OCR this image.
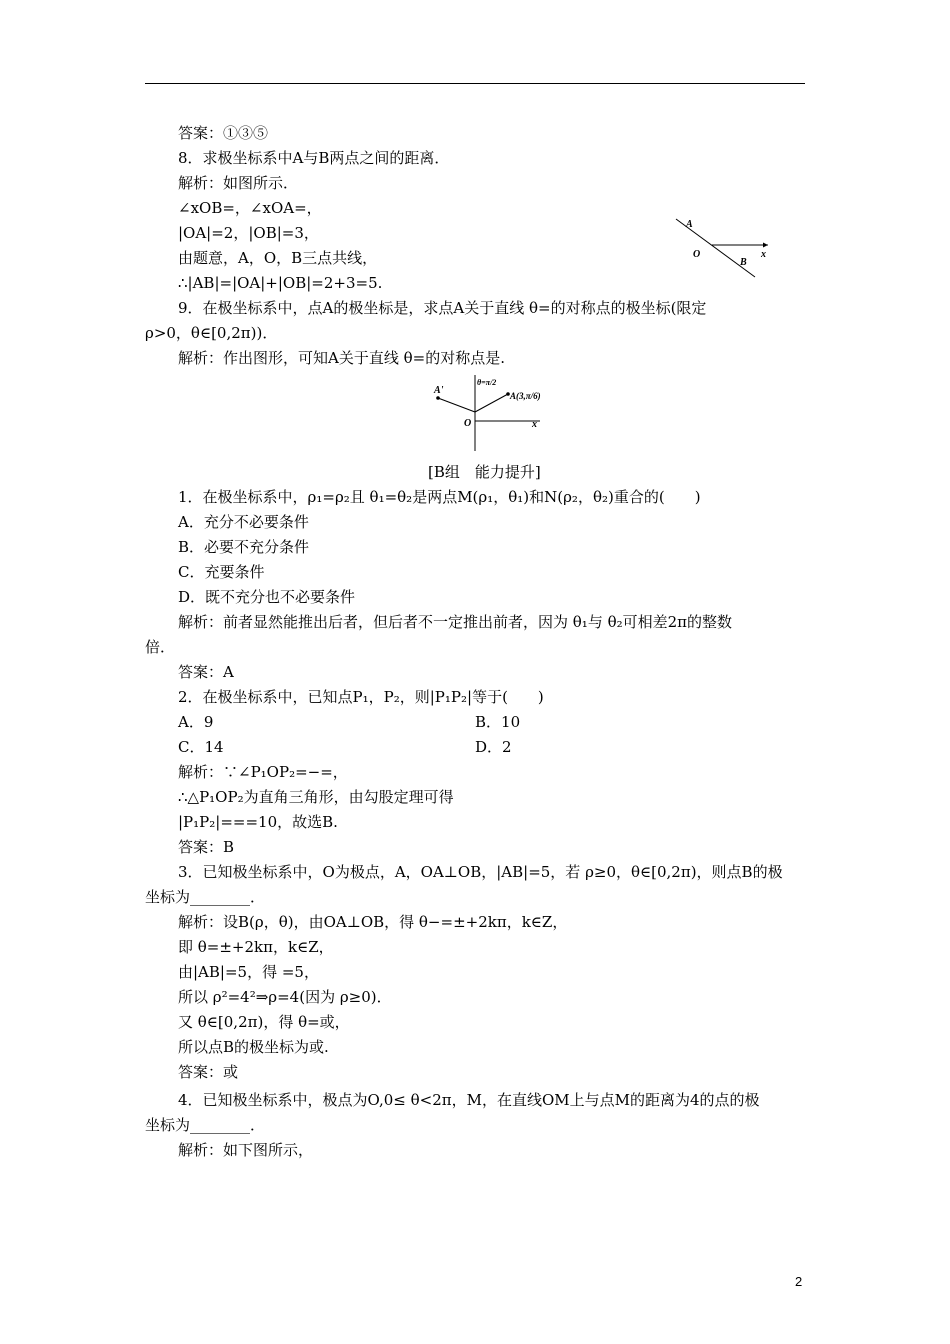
答案：①③⑤
8．求极坐标系中A与B两点之间的距离．
解析：如图所示．
∠xOB=，∠xOA=，
|OA|=2，|OB|=3，
由题意，A，O，B三点共线，
∴|AB|=|OA|+|OB|=2+3=5.
9．在极坐标系中，点A的极坐标是，求点A关于直线 θ=的对称点的极坐标(限定
ρ>0，θ∈[0,2π))．
解析：作出图形，可知A关于直线 θ=的对称点是.
[B组　能力提升]
1．在极坐标系中，ρ₁=ρ₂且 θ₁=θ₂是两点M(ρ₁，θ₁)和N(ρ₂，θ₂)重合的(　　)
A．充分不必要条件
B．必要不充分条件
C．充要条件
D．既不充分也不必要条件
解析：前者显然能推出后者，但后者不一定推出前者，因为 θ₁与 θ₂可相差2π的整数
倍．
答案：A
2．在极坐标系中，已知点P₁，P₂，则|P₁P₂|等于(　　)
A．9	B．10
C．14	D．2
解析：∵∠P₁OP₂=−=，
∴△P₁OP₂为直角三角形，由勾股定理可得
|P₁P₂|===10，故选B.
答案：B
3．已知极坐标系中，O为极点，A，OA⊥OB，|AB|=5，若 ρ≥0，θ∈[0,2π)，则点B的极
坐标为________．
解析：设B(ρ，θ)，由OA⊥OB，得 θ−=±+2kπ，k∈Z，
即 θ=±+2kπ，k∈Z，
由|AB|=5，得 =5，
所以 ρ²=4²⇒ρ=4(因为 ρ≥0)．
又 θ∈[0,2π)，得 θ=或，
所以点B的极坐标为或.
答案：或
4．已知极坐标系中，极点为O,0≤ θ<2π，M，在直线OM上与点M的距离为4的点的极
坐标为________．
解析：如下图所示，
A
O
B
x
A'
θ=π/2
A(3,π/6)
O	x
2
